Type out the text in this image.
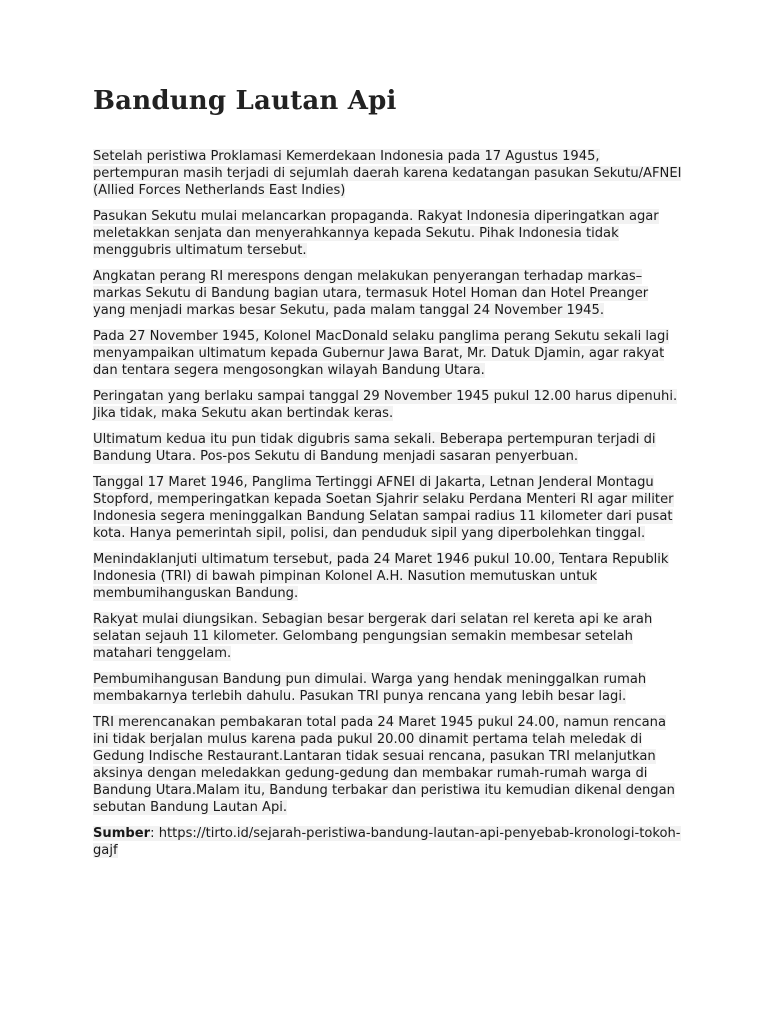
Bandung Lautan Api

Setelah peristiwa Proklamasi Kemerdekaan Indonesia pada 17 Agustus 1945, pertempuran masih terjadi di sejumlah daerah karena kedatangan pasukan Sekutu/AFNEI (Allied Forces Netherlands East Indies)

Pasukan Sekutu mulai melancarkan propaganda. Rakyat Indonesia diperingatkan agar meletakkan senjata dan menyerahkannya kepada Sekutu. Pihak Indonesia tidak menggubris ultimatum tersebut.

Angkatan perang RI merespons dengan melakukan penyerangan terhadap markas–markas Sekutu di Bandung bagian utara, termasuk Hotel Homan dan Hotel Preanger yang menjadi markas besar Sekutu, pada malam tanggal 24 November 1945.

Pada 27 November 1945, Kolonel MacDonald selaku panglima perang Sekutu sekali lagi menyampaikan ultimatum kepada Gubernur Jawa Barat, Mr. Datuk Djamin, agar rakyat dan tentara segera mengosongkan wilayah Bandung Utara.

Peringatan yang berlaku sampai tanggal 29 November 1945 pukul 12.00 harus dipenuhi. Jika tidak, maka Sekutu akan bertindak keras.

Ultimatum kedua itu pun tidak digubris sama sekali. Beberapa pertempuran terjadi di Bandung Utara. Pos-pos Sekutu di Bandung menjadi sasaran penyerbuan.

Tanggal 17 Maret 1946, Panglima Tertinggi AFNEI di Jakarta, Letnan Jenderal Montagu Stopford, memperingatkan kepada Soetan Sjahrir selaku Perdana Menteri RI agar militer Indonesia segera meninggalkan Bandung Selatan sampai radius 11 kilometer dari pusat kota. Hanya pemerintah sipil, polisi, dan penduduk sipil yang diperbolehkan tinggal.

Menindaklanjuti ultimatum tersebut, pada 24 Maret 1946 pukul 10.00, Tentara Republik Indonesia (TRI) di bawah pimpinan Kolonel A.H. Nasution memutuskan untuk membumihanguskan Bandung.

Rakyat mulai diungsikan. Sebagian besar bergerak dari selatan rel kereta api ke arah selatan sejauh 11 kilometer. Gelombang pengungsian semakin membesar setelah matahari tenggelam.

Pembumihangusan Bandung pun dimulai. Warga yang hendak meninggalkan rumah membakarnya terlebih dahulu. Pasukan TRI punya rencana yang lebih besar lagi.

TRI merencanakan pembakaran total pada 24 Maret 1945 pukul 24.00, namun rencana ini tidak berjalan mulus karena pada pukul 20.00 dinamit pertama telah meledak di Gedung Indische Restaurant.Lantaran tidak sesuai rencana, pasukan TRI melanjutkan aksinya dengan meledakkan gedung-gedung dan membakar rumah-rumah warga di Bandung Utara.Malam itu, Bandung terbakar dan peristiwa itu kemudian dikenal dengan sebutan Bandung Lautan Api.

Sumber: https://tirto.id/sejarah-peristiwa-bandung-lautan-api-penyebab-kronologi-tokoh-gajf
